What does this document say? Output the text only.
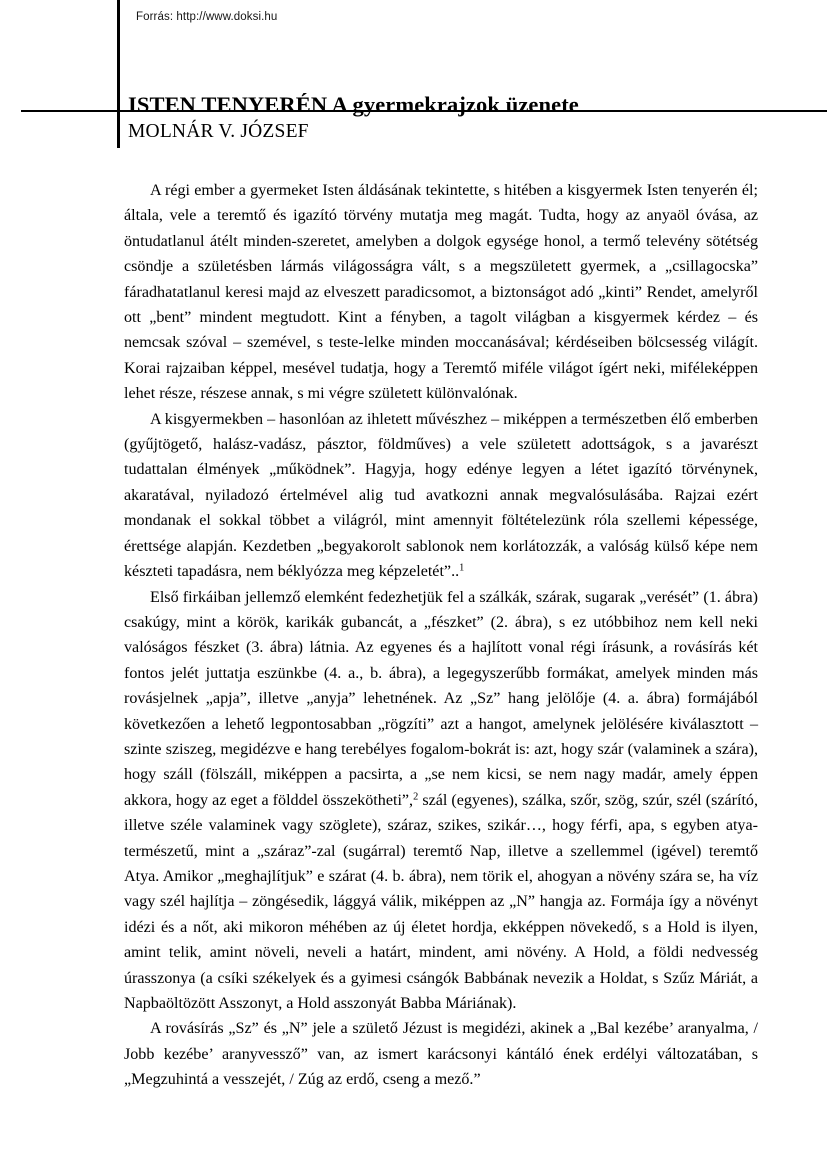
Forrás: http://www.doksi.hu
ISTEN TENYERÉN A gyermekrajzok üzenete
MOLNÁR V. JÓZSEF

A régi ember a gyermeket Isten áldásának tekintette, s hitében a kisgyermek Isten tenyerén él; általa, vele a teremtő és igazító törvény mutatja meg magát. Tudta, hogy az anyaöl óvása, az öntudatlanul átélt minden-szeretet, amelyben a dolgok egysége honol, a termő televény sötétség csöndje a születésben lármás világosságra vált, s a megszületett gyermek, a „csillagocska” fáradhatatlanul keresi majd az elveszett paradicsomot, a biztonságot adó „kinti” Rendet, amelyről ott „bent” mindent megtudott. Kint a fényben, a tagolt világban a kisgyermek kérdez – és nemcsak szóval – szemével, s teste-lelke minden moccanásával; kérdéseiben bölcsesség világít. Korai rajzaiban képpel, mesével tudatja, hogy a Teremtő miféle világot ígért neki, miféleképpen lehet része, részese annak, s mi végre született különvalónak.

A kisgyermekben – hasonlóan az ihletett művészhez – miképpen a természetben élő emberben (gyűjtögető, halász-vadász, pásztor, földműves) a vele született adottságok, s a javarészt tudattalan élmények „működnek”. Hagyja, hogy edénye legyen a létet igazító törvénynek, akaratával, nyiladozó értelmével alig tud avatkozni annak megvalósulásába. Rajzai ezért mondanak el sokkal többet a világról, mint amennyit föltételezünk róla szellemi képessége, érettsége alapján. Kezdetben „begyakorolt sablonok nem korlátozzák, a valóság külső képe nem készteti tapadásra, nem béklyózza meg képzeletét”..$^1$

Első firkáiban jellemző elemként fedezhetjük fel a szálkák, szárak, sugarak „verését” (1. ábra) csakúgy, mint a körök, karikák gubancát, a „fészket” (2. ábra), s ez utóbbihoz nem kell neki valóságos fészket (3. ábra) látnia. Az egyenes és a hajlított vonal régi írásunk, a rovásírás két fontos jelét juttatja eszünkbe (4. a., b. ábra), a legegyszerűbb formákat, amelyek minden más rovásjelnek „apja”, illetve „anyja” lehetnének. Az „Sz” hang jelölője (4. a. ábra) formájából következően a lehető legpontosabban „rögzíti” azt a hangot, amelynek jelölésére kiválasztott – szinte sziszeg, megidézve e hang terebélyes fogalom-bokrát is: azt, hogy szár (valaminek a szára), hogy száll (fölszáll, miképpen a pacsirta, a „se nem kicsi, se nem nagy madár, amely éppen akkora, hogy az eget a földdel összeköthetiˮ,$^2$ szál (egyenes), szálka, szőr, szög, szúr, szél (szárító, illetve széle valaminek vagy szöglete), száraz, szikes, szikár…, hogy férfi, apa, s egyben atya-természetű, mint a „száraz”-zal (sugárral) teremtő Nap, illetve a szellemmel (igével) teremtő Atya. Amikor „meghajlítjuk” e szárat (4. b. ábra), nem törik el, ahogyan a növény szára se, ha víz vagy szél hajlítja – zöngésedik, lággyá válik, miképpen az „N” hangja az. Formája így a növényt idézi és a nőt, aki mikoron méhében az új életet hordja, ekképpen növekedő, s a Hold is ilyen, amint telik, amint növeli, neveli a határt, mindent, ami növény. A Hold, a földi nedvesség úrasszonya (a csíki székelyek és a gyimesi csángók Babbának nevezik a Holdat, s Szűz Máriát, a Napbaöltözött Asszonyt, a Hold asszonyát Babba Máriának).

A rovásírás „Sz” és „N” jele a születő Jézust is megidézi, akinek a „Bal kezébe’ aranyalma, / Jobb kezébe’ aranyvessző” van, az ismert karácsonyi kántáló ének erdélyi változatában, s „Megzuhintá a vesszejét, / Zúg az erdő, cseng a mező.”
